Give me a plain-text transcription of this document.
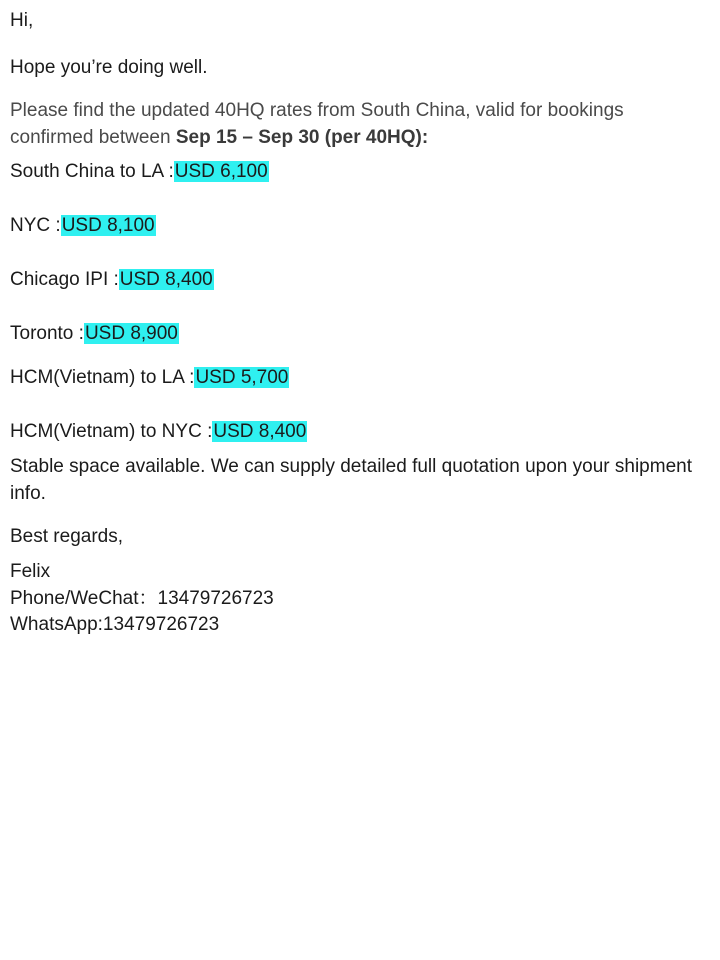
Hi,
Hope you’re doing well.
Please find the updated 40HQ rates from South China, valid for bookings
confirmed between Sep 15 – Sep 30 (per 40HQ):
South China to LA :USD 6,100
NYC :USD 8,100
Chicago IPI :USD 8,400
Toronto :USD 8,900
HCM(Vietnam) to LA :USD 5,700
HCM(Vietnam) to NYC :USD 8,400
Stable space available. We can supply detailed full quotation upon your shipment info.
Best regards,
Felix
Phone/WeChat：13479726723
WhatsApp:13479726723
